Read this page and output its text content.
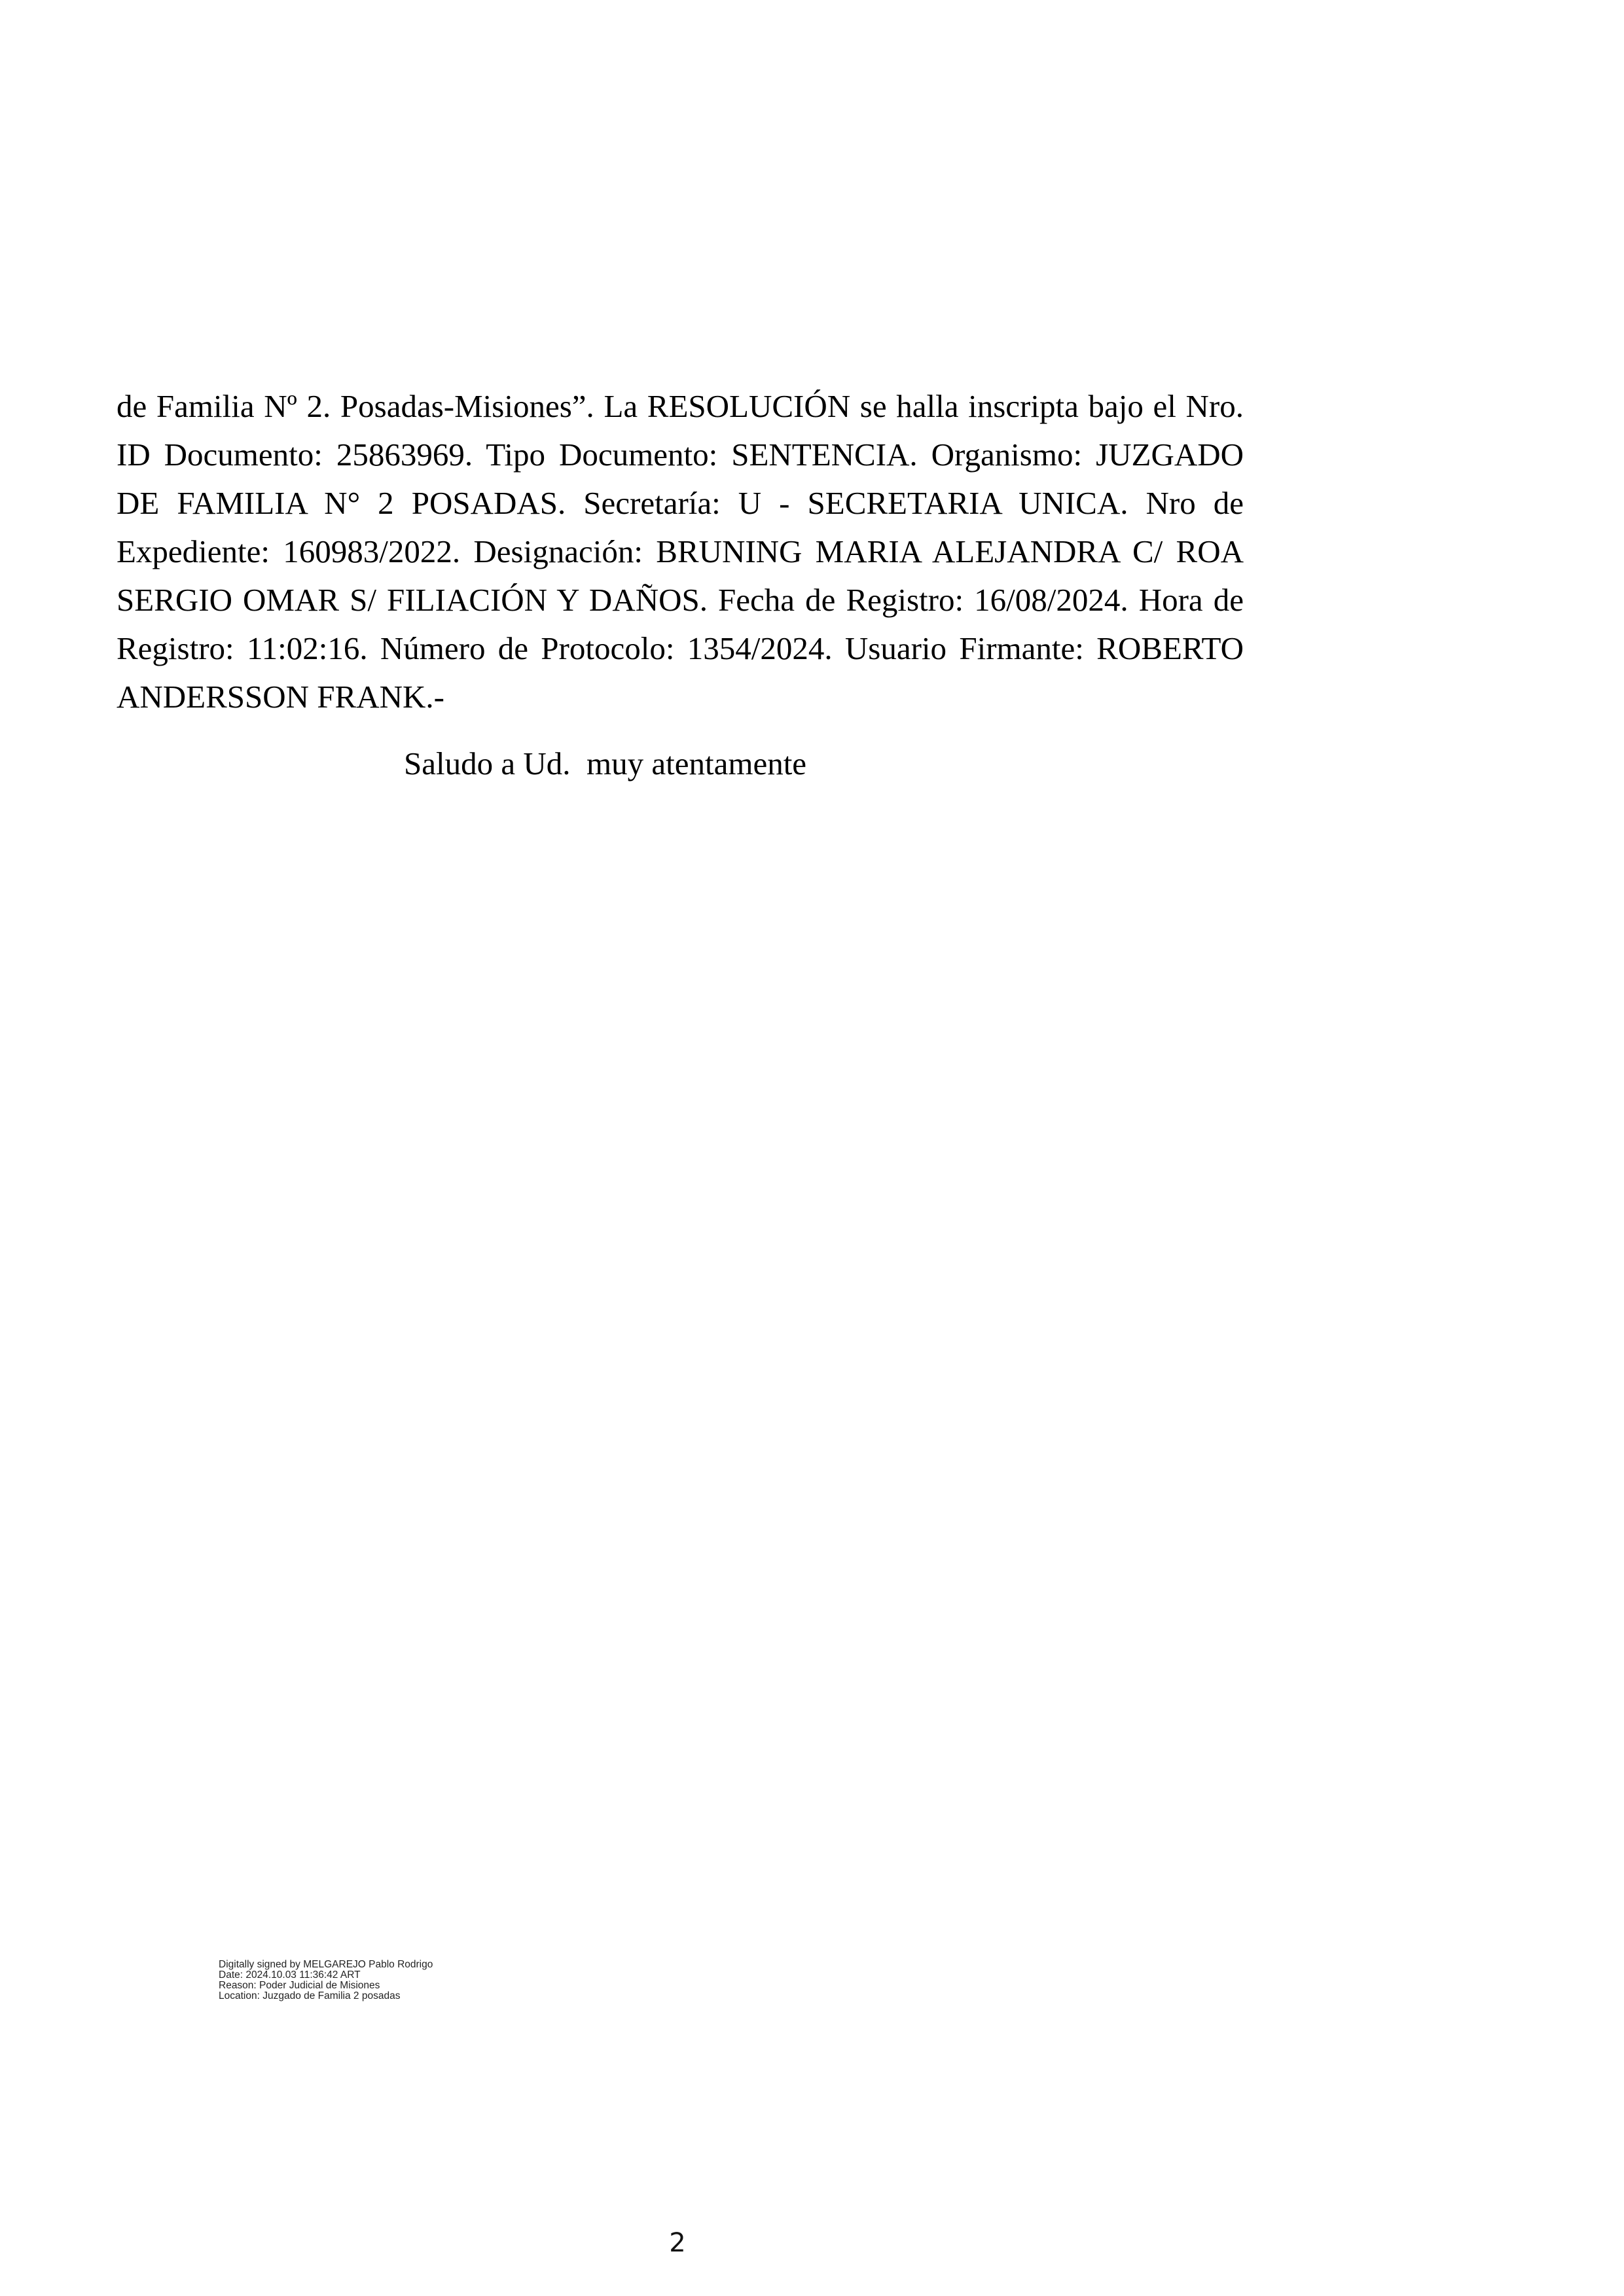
de Familia Nº 2. Posadas-Misiones”. La RESOLUCIÓN se halla inscripta bajo el Nro. ID Documento: 25863969. Tipo Documento: SENTENCIA. Organismo: JUZGADO DE FAMILIA N° 2 POSADAS. Secretaría: U - SECRETARIA UNICA. Nro de Expediente: 160983/2022. Designación: BRUNING MARIA ALEJANDRA C/ ROA SERGIO OMAR S/ FILIACIÓN Y DAÑOS. Fecha de Registro: 16/08/2024. Hora de Registro: 11:02:16. Número de Protocolo: 1354/2024. Usuario Firmante: ROBERTO ANDERSSON FRANK.-

Saludo a Ud.  muy atentamente

Digitally signed by MELGAREJO Pablo Rodrigo
Date: 2024.10.03 11:36:42 ART
Reason: Poder Judicial de Misiones
Location: Juzgado de Familia 2 posadas
2
